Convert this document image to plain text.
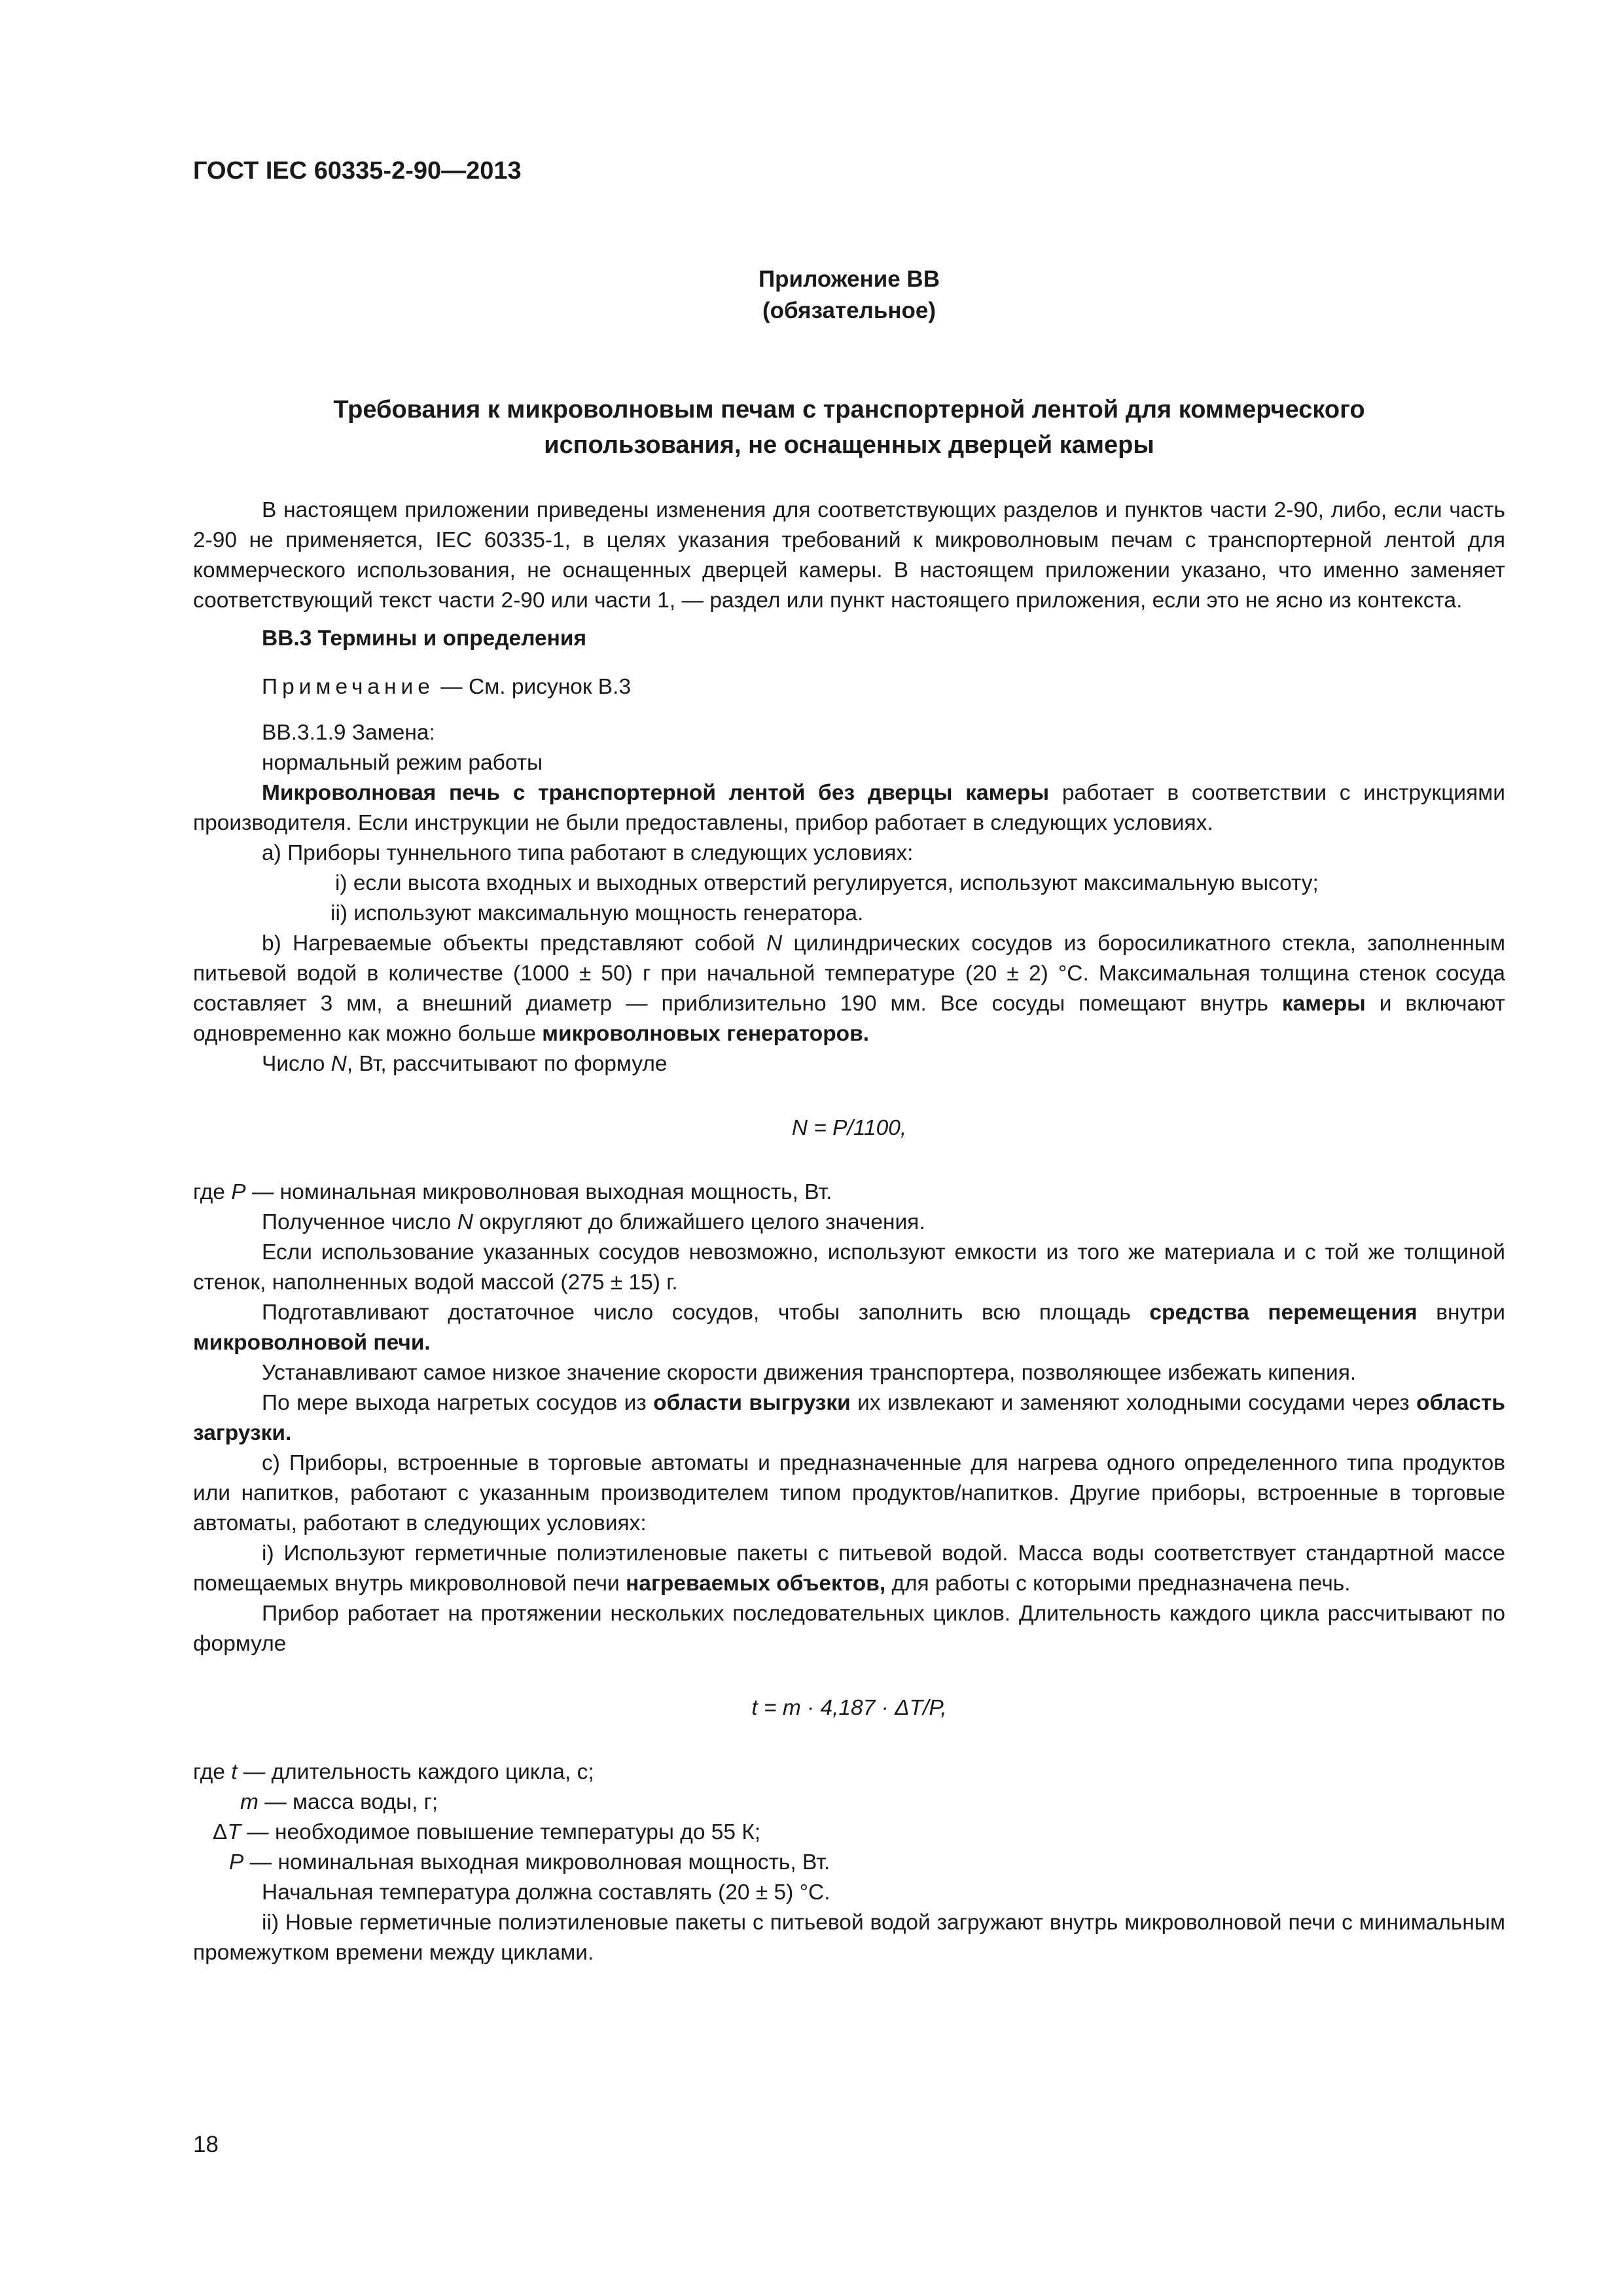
ГОСТ IEC 60335-2-90—2013
Приложение ВВ
(обязательное)
Требования к микроволновым печам с транспортерной лентой для коммерческого
использования, не оснащенных дверцей камеры

В настоящем приложении приведены изменения для соответствующих разделов и пунктов части 2-90, либо, если часть 2-90 не применяется, IEC 60335-1, в целях указания требований к микроволновым печам с транспортерной лентой для коммерческого использования, не оснащенных дверцей камеры. В настоящем приложении указано, что именно заменяет соответствующий текст части 2-90 или части 1, — раздел или пункт настоящего приложения, если это не ясно из контекста.

ВВ.3 Термины и определения

Примечание — См. рисунок В.3

ВВ.3.1.9 Замена:

нормальный режим работы

Микроволновая печь с транспортерной лентой без дверцы камеры работает в соответствии с инструкциями производителя. Если инструкции не были предоставлены, прибор работает в следующих условиях.

a) Приборы туннельного типа работают в следующих условиях:

i) если высота входных и выходных отверстий регулируется, используют максимальную высоту;

ii) используют максимальную мощность генератора.

b) Нагреваемые объекты представляют собой N цилиндрических сосудов из боросиликатного стекла, заполненным питьевой водой в количестве (1000 ± 50) г при начальной температуре (20 ± 2) °С. Максимальная толщина стенок сосуда составляет 3 мм, а внешний диаметр — приблизительно 190 мм. Все сосуды помещают внутрь камеры и включают одновременно как можно больше микроволновых генераторов.

Число N, Вт, рассчитывают по формуле

N = P/1100,

где P — номинальная микроволновая выходная мощность, Вт.

Полученное число N округляют до ближайшего целого значения.

Если использование указанных сосудов невозможно, используют емкости из того же материала и с той же толщиной стенок, наполненных водой массой (275 ± 15) г.

Подготавливают достаточное число сосудов, чтобы заполнить всю площадь средства перемещения внутри микроволновой печи.

Устанавливают самое низкое значение скорости движения транспортера, позволяющее избежать кипения.

По мере выхода нагретых сосудов из области выгрузки их извлекают и заменяют холодными сосудами через область загрузки.

c) Приборы, встроенные в торговые автоматы и предназначенные для нагрева одного определенного типа продуктов или напитков, работают с указанным производителем типом продуктов/напитков. Другие приборы, встроенные в торговые автоматы, работают в следующих условиях:

i) Используют герметичные полиэтиленовые пакеты с питьевой водой. Масса воды соответствует стандартной массе помещаемых внутрь микроволновой печи нагреваемых объектов, для работы с которыми предназначена печь.

Прибор работает на протяжении нескольких последовательных циклов. Длительность каждого цикла рассчитывают по формуле

t = m · 4,187 · ΔT/P,

где t — длительность каждого цикла, с;

m — масса воды, г;

ΔT — необходимое повышение температуры до 55 К;

P — номинальная выходная микроволновая мощность, Вт.

Начальная температура должна составлять (20 ± 5) °С.

ii) Новые герметичные полиэтиленовые пакеты с питьевой водой загружают внутрь микроволновой печи с минимальным промежутком времени между циклами.

18
